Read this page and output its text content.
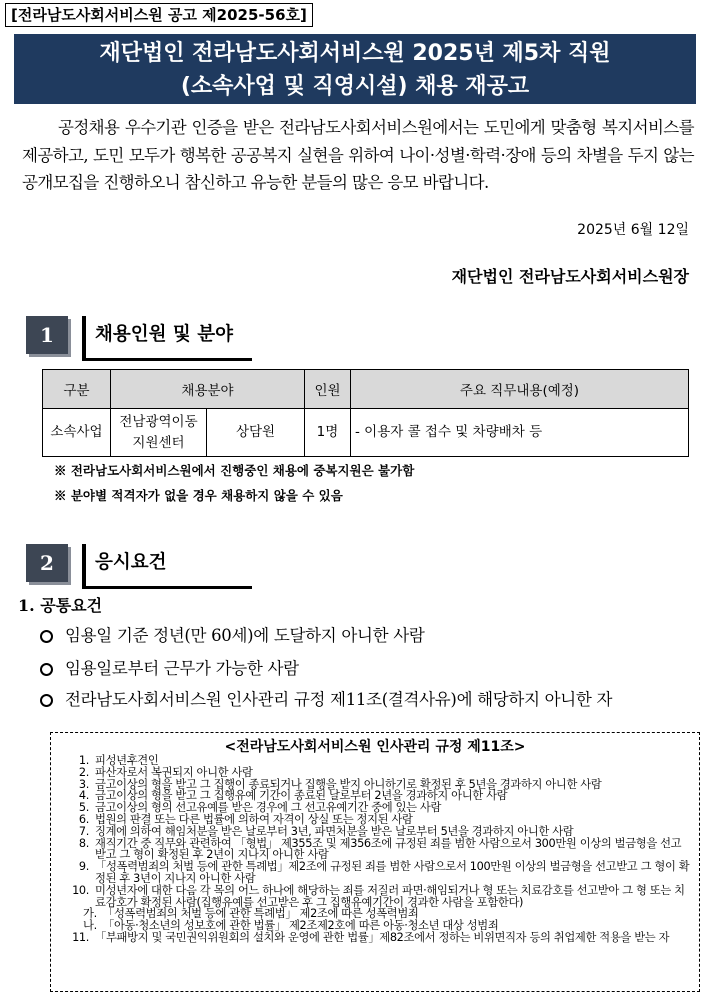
[전라남도사회서비스원 공고 제2025-56호]
재단법인 전라남도사회서비스원 2025년 제5차 직원
(소속사업 및 직영시설) 채용 재공고
공정채용 우수기관 인증을 받은 전라남도사회서비스원에서는 도민에게 맞춤형 복지서비스를 제공하고, 도민 모두가 행복한 공공복지 실현을 위하여 나이·성별·학력·장애 등의 차별을 두지 않는 공개모집을 진행하오니 참신하고 유능한 분들의 많은 응모 바랍니다.
2025년 6월 12일
재단법인 전라남도사회서비스원장
1	채용인원 및 분야
구분	채용분야		인원	주요 직무내용(예정)
소속사업	전남광역이동지원센터	상담원	1명	- 이용자 콜 접수 및 차량배차 등
※ 전라남도사회서비스원에서 진행중인 채용에 중복지원은 불가함
※ 분야별 적격자가 없을 경우 채용하지 않을 수 있음
2	응시요건
1. 공통요건
임용일 기준 정년(만 60세)에 도달하지 아니한 사람
임용일로부터 근무가 가능한 사람
전라남도사회서비스원 인사관리 규정 제11조(결격사유)에 해당하지 아니한 자
<전라남도사회서비스원 인사관리 규정 제11조>
1. 피성년후견인
2. 파산자로서 복권되지 아니한 사람
3. 금고이상의 형을 받고 그 집행이 종료되거나 집행을 받지 아니하기로 확정된 후 5년을 경과하지 아니한 사람
4. 금고이상의 형을 받고 그 집행유예 기간이 종료된 날로부터 2년을 경과하지 아니한 사람
5. 금고이상의 형의 선고유예를 받은 경우에 그 선고유예기간 중에 있는 사람
6. 법원의 판결 또는 다른 법률에 의하여 자격이 상실 또는 정지된 사람
7. 징계에 의하여 해임처분을 받은 날로부터 3년, 파면처분을 받은 날로부터 5년을 경과하지 아니한 사람
8. 재직기간 중 직무와 관련하여 「형법」 제355조 및 제356조에 규정된 죄를 범한 사람으로서 300만원 이상의 벌금형을 선고받고 그 형이 확정된 후 2년이 지나지 아니한 사람
9. 「성폭력범죄의 처벌 등에 관한 특례법」제2조에 규정된 죄를 범한 사람으로서 100만원 이상의 벌금형을 선고받고 그 형이 확정된 후 3년이 지나지 아니한 사람
10. 미성년자에 대한 다음 각 목의 어느 하나에 해당하는 죄를 저질러 파면·해임되거나 형 또는 치료감호를 선고받아 그 형 또는 치료감호가 확정된 사람(집행유예를 선고받은 후 그 집행유예기간이 경과한 사람을 포함한다)
가. 「성폭력범죄의 처벌 등에 관한 특례법」 제2조에 따른 성폭력범죄
나. 「아동·청소년의 성보호에 관한 법률」 제2조제2호에 따른 아동·청소년 대상 성범죄
11. 「부패방지 및 국민권익위원회의 설치와 운영에 관한 법률」제82조에서 정하는 비위면직자 등의 취업제한 적용을 받는 자
